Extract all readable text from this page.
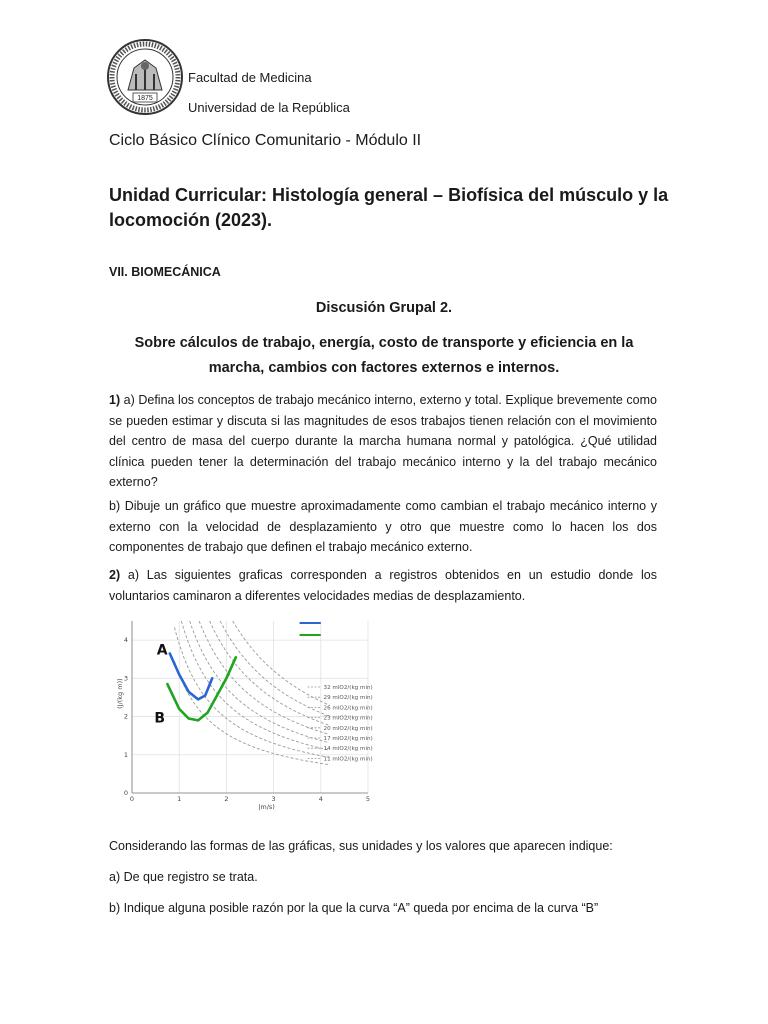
1875
Facultad de Medicina
Universidad de la República
Ciclo Básico Clínico Comunitario - Módulo II
Unidad Curricular: Histología general – Biofísica del músculo y la locomoción (2023).
VII. BIOMECÁNICA
Discusión Grupal 2.
Sobre cálculos de trabajo, energía, costo de transporte y eficiencia en la marcha, cambios con factores externos e internos.
1) a) Defina los conceptos de trabajo mecánico interno, externo y total. Explique brevemente como se pueden estimar y discuta si las magnitudes de esos trabajos tienen relación con el movimiento del centro de masa del cuerpo durante la marcha humana normal y patológica. ¿Qué utilidad clínica pueden tener la determinación del trabajo mecánico interno y la del trabajo mecánico externo?
b) Dibuje un gráfico que muestre aproximadamente como cambian el trabajo mecánico interno y externo con la velocidad de desplazamiento y otro que muestre como lo hacen los dos componentes de trabajo que definen el trabajo mecánico externo.
2) a) Las siguientes graficas corresponden a registros obtenidos en un estudio donde los voluntarios caminaron a diferentes velocidades medias de desplazamiento.
0	1	2	3	4	5
0
1
2
3
4
|m/s)
(J/(kg m))	32 mlO2/(kg min)
29 mlO2/(kg min)
26 mlO2/(kg min)
23 mlO2/(kg min)
20 mlO2/(kg min)
17 mlO2/(kg min)
14 mlO2/(kg min)
11 mlO2/(kg min)
A
B
Considerando las formas de las gráficas, sus unidades y los valores que aparecen indique:
a) De que registro se trata.
b) Indique alguna posible razón por la que la curva “A” queda por encima de la curva “B”
